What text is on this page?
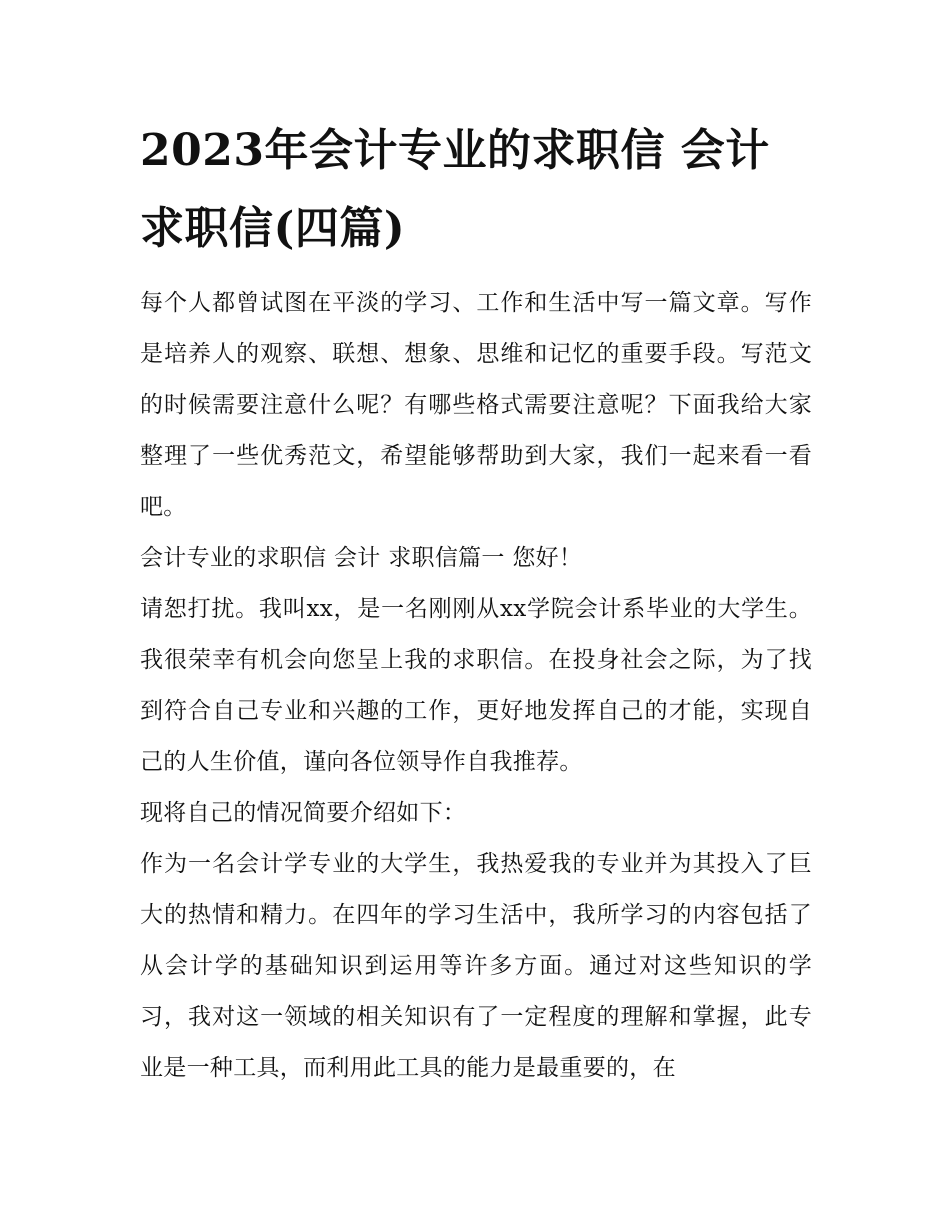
2023年会计专业的求职信 会计 求职信(四篇)

每个人都曾试图在平淡的学习、工作和生活中写一篇文章。写作是培养人的观察、联想、想象、思维和记忆的重要手段。写范文的时候需要注意什么呢？有哪些格式需要注意呢？下面我给大家整理了一些优秀范文，希望能够帮助到大家，我们一起来看一看吧。

会计专业的求职信 会计 求职信篇一 您好！

请恕打扰。我叫xx，是一名刚刚从xx学院会计系毕业的大学生。我很荣幸有机会向您呈上我的求职信。在投身社会之际，为了找到符合自己专业和兴趣的工作，更好地发挥自己的才能，实现自己的人生价值，谨向各位领导作自我推荐。

现将自己的情况简要介绍如下：

作为一名会计学专业的大学生，我热爱我的专业并为其投入了巨大的热情和精力。在四年的学习生活中，我所学习的内容包括了从会计学的基础知识到运用等许多方面。通过对这些知识的学习，我对这一领域的相关知识有了一定程度的理解和掌握，此专业是一种工具，而利用此工具的能力是最重要的，在
